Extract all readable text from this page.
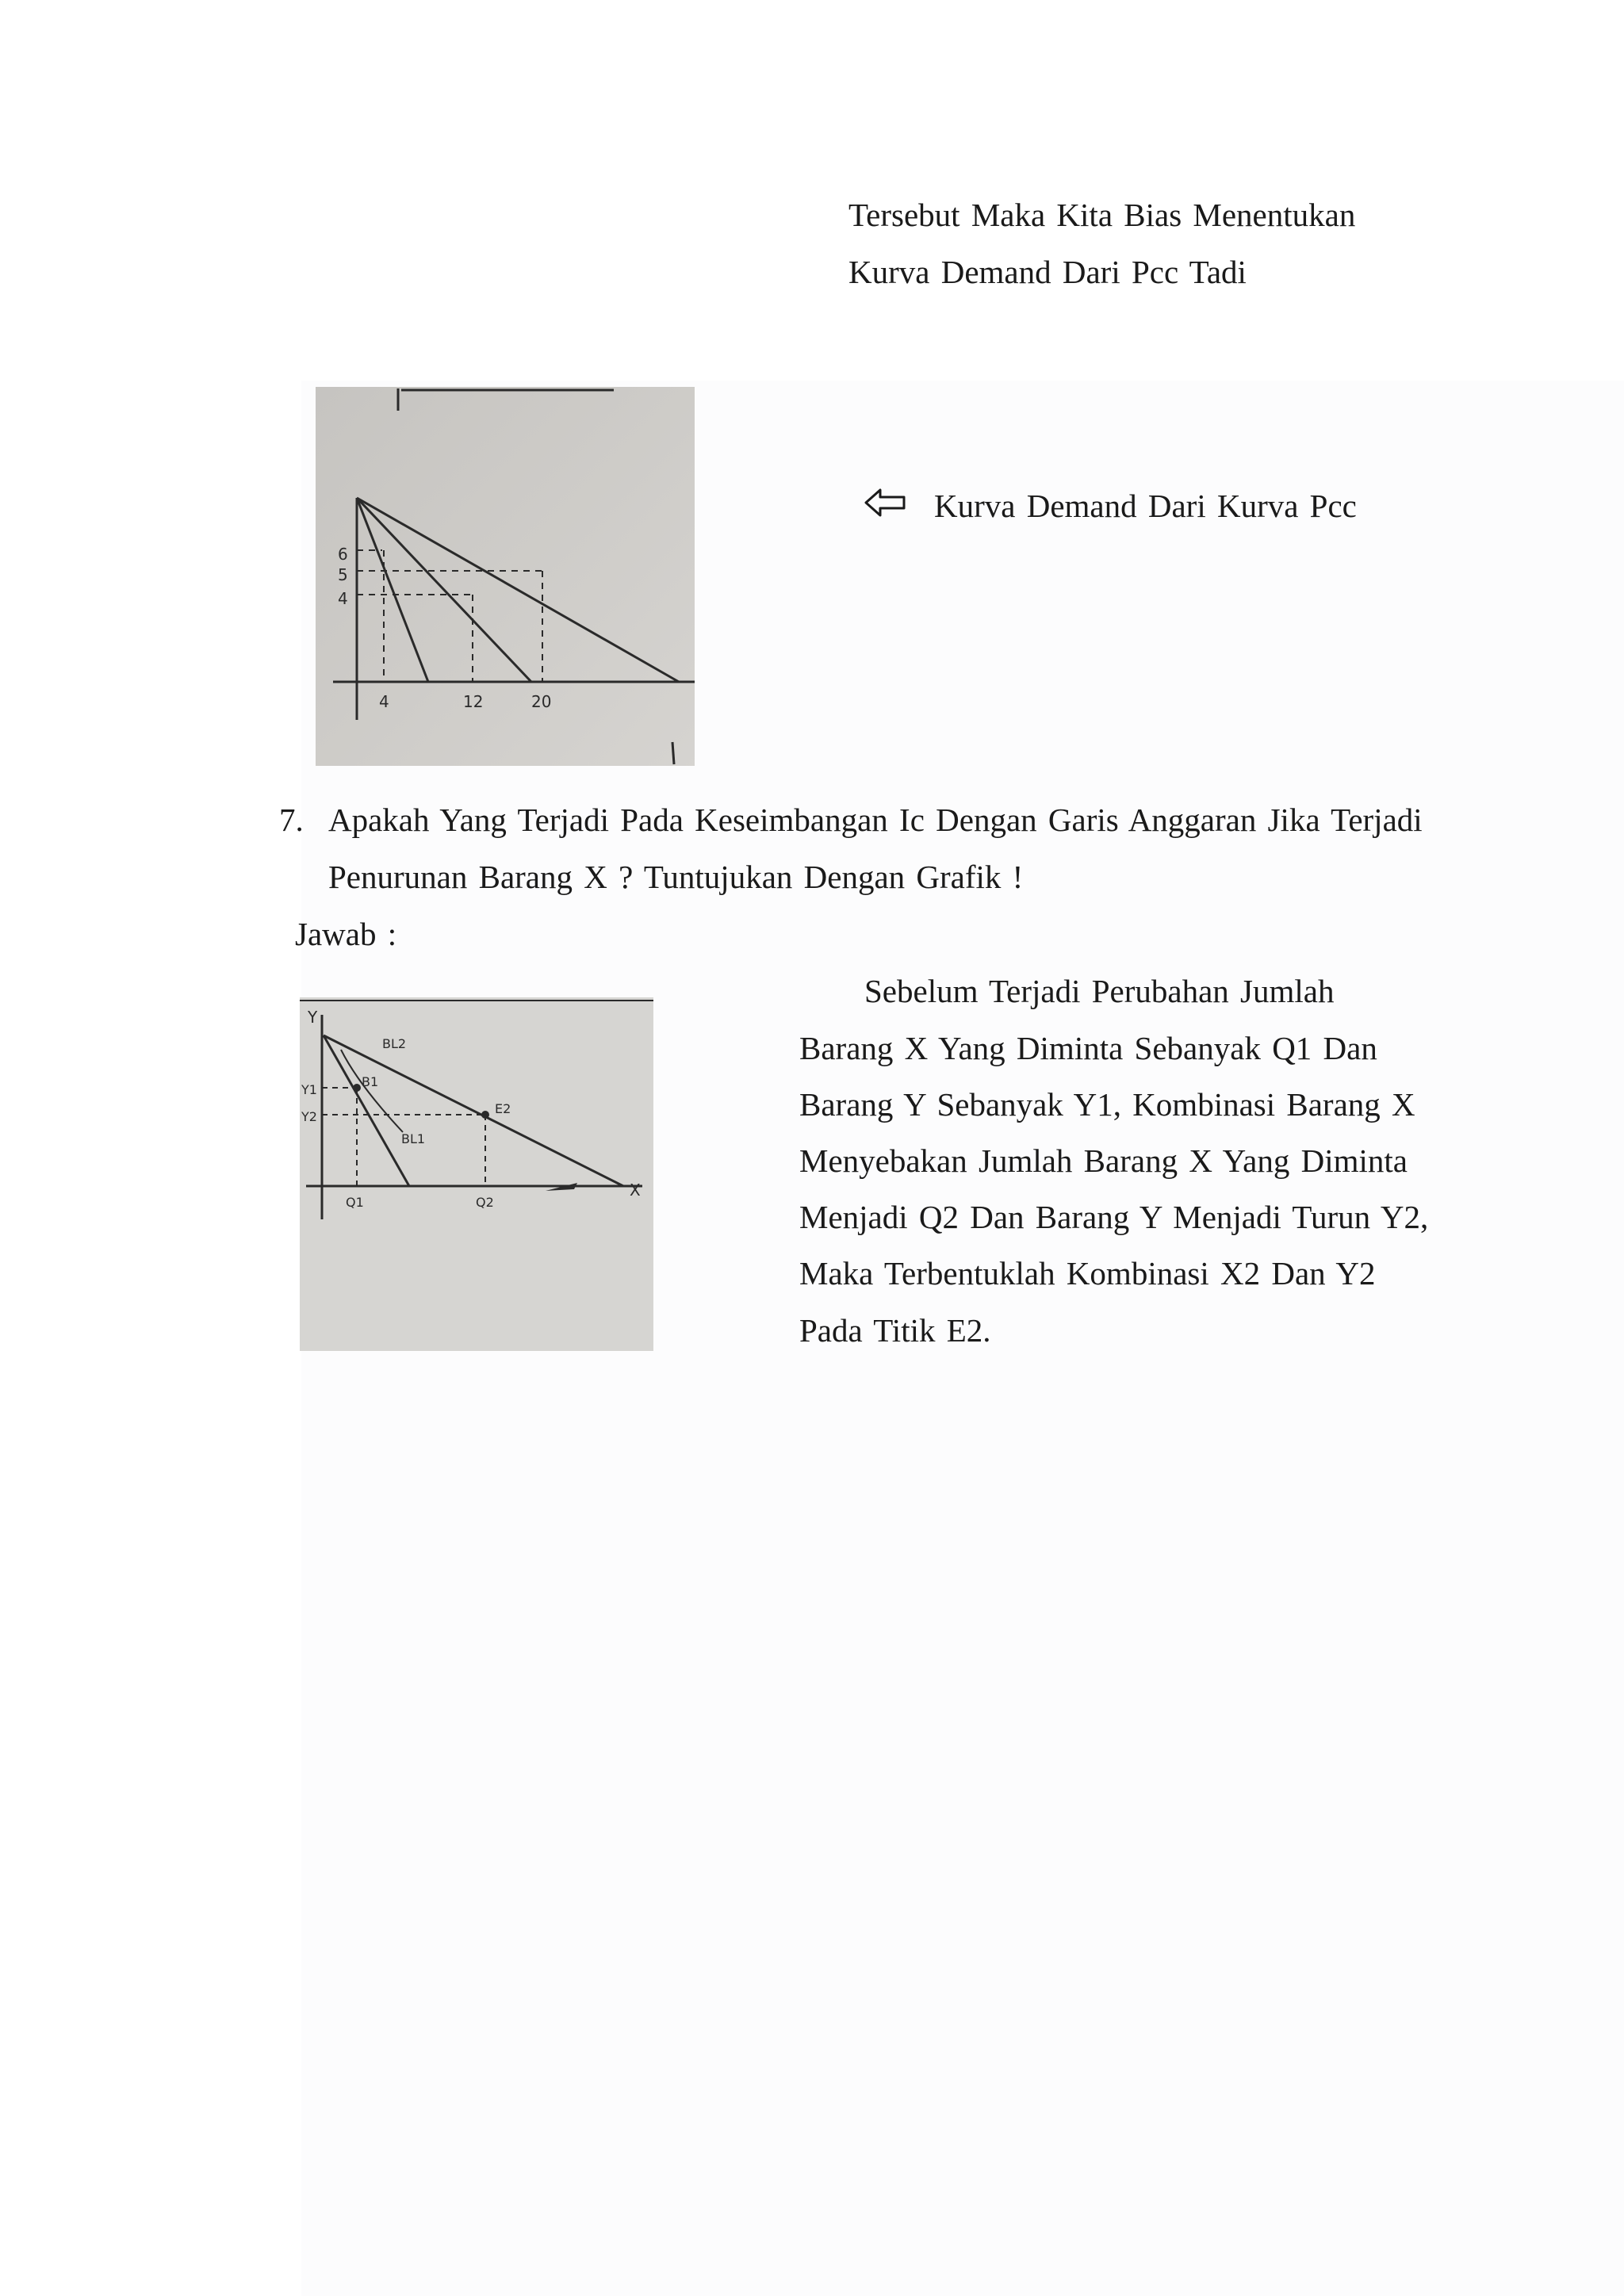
Tersebut Maka Kita Bias Menentukan
Kurva Demand Dari Pcc Tadi
6
5
4
4	12	20
Kurva Demand Dari Kurva Pcc
7. Apakah Yang Terjadi Pada Keseimbangan Ic Dengan Garis Anggaran Jika Terjadi
Penurunan Barang X ? Tuntujukan Dengan Grafik !
Jawab :
Y
X
BL2
B1
BL1
E2
Y1
Y2
Q1	Q2
Sebelum Terjadi Perubahan Jumlah
Barang X Yang Diminta Sebanyak Q1 Dan
Barang Y Sebanyak Y1, Kombinasi Barang X
Menyebakan Jumlah Barang X Yang Diminta
Menjadi Q2 Dan Barang Y Menjadi Turun Y2,
Maka Terbentuklah Kombinasi X2 Dan Y2
Pada Titik E2.
